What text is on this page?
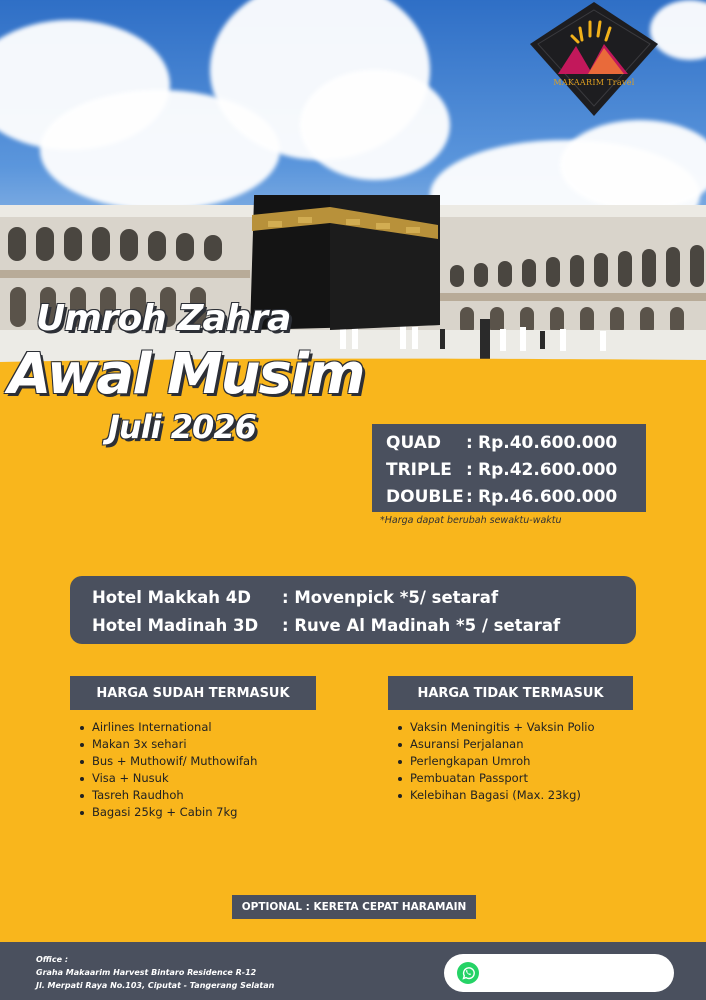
MAKAARIM Travel
Umroh Zahra
Awal Musim
Juli 2026	QUAD	: Rp.40.600.000
TRIPLE : Rp.42.600.000
DOUBLE : Rp.46.600.000
*Harga dapat berubah sewaktu-waktu
Hotel Makkah 4D	: Movenpick *5/ setaraf
Hotel Madinah 3D	: Ruve Al Madinah *5 / setaraf
HARGA SUDAH TERMASUK
Airlines International
Makan 3x sehari
Bus + Muthowif/ Muthowifah
Visa + Nusuk
Tasreh Raudhoh
Bagasi 25kg + Cabin 7kg
HARGA TIDAK TERMASUK
Vaksin Meningitis + Vaksin Polio
Asuransi Perjalanan
Perlengkapan Umroh
Pembuatan Passport
Kelebihan Bagasi (Max. 23kg)
OPTIONAL : KERETA CEPAT HARAMAIN
Office :
Graha Makaarim Harvest Bintaro Residence R-12
Jl. Merpati Raya No.103, Ciputat - Tangerang Selatan
